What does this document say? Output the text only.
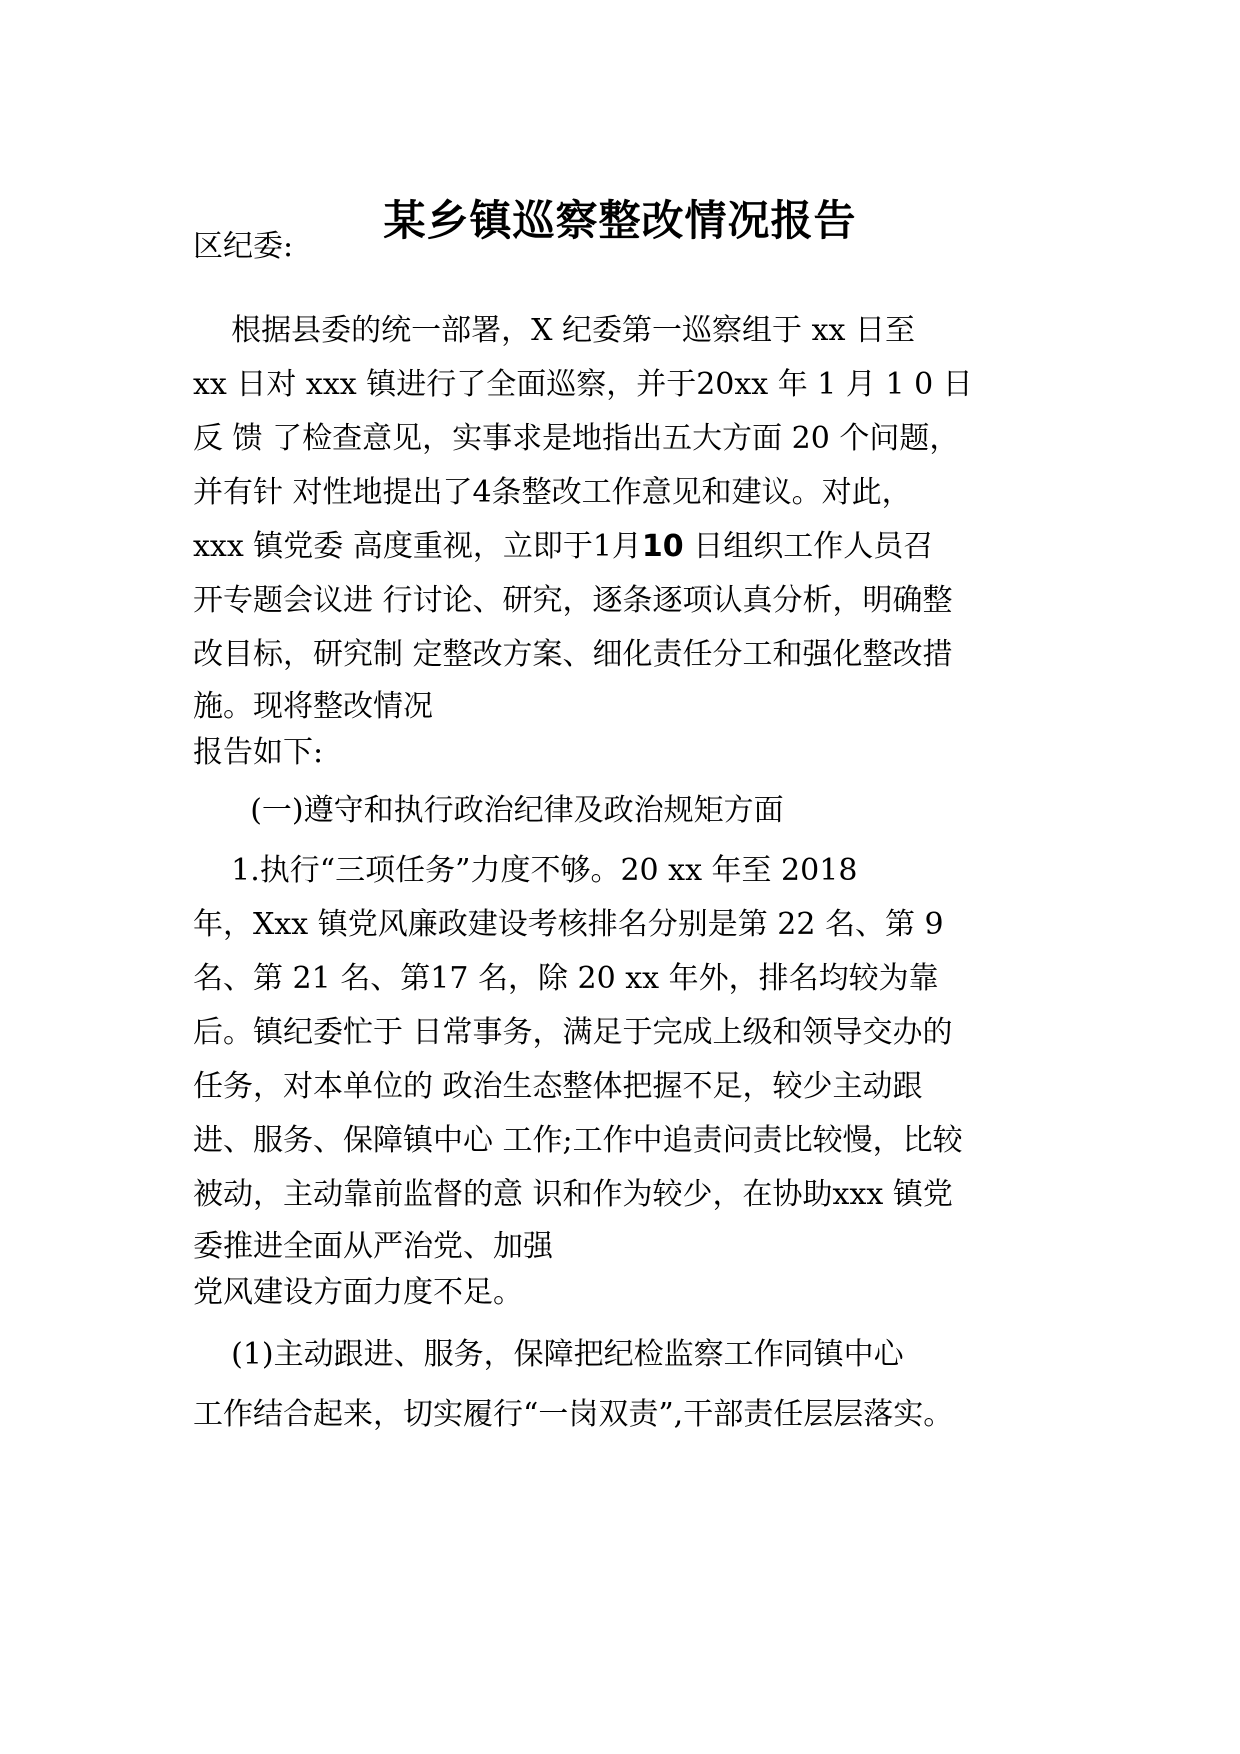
某乡镇巡察整改情况报告
区纪委:
根据县委的统一部署，X 纪委第一巡察组于 xx 日至
xx 日对 xxx 镇进行了全面巡察，并于20xx 年 1 月 1 0 日
反 馈 了检查意见，实事求是地指出五大方面 20 个问题，
并有针 对性地提出了4条整改工作意见和建议。对此，
xxx 镇党委 高度重视，立即于1月10 日组织工作人员召
开专题会议进 行讨论、研究，逐条逐项认真分析，明确整
改目标，研究制 定整改方案、细化责任分工和强化整改措
施。现将整改情况
报告如下:
(一)遵守和执行政治纪律及政治规矩方面
1.执行“三项任务”力度不够。20 xx 年至 2018
年，Xxx 镇党风廉政建设考核排名分别是第 22 名、第 9
名、第 21 名、第17 名，除 20 xx 年外，排名均较为靠
后。镇纪委忙于 日常事务，满足于完成上级和领导交办的
任务，对本单位的 政治生态整体把握不足，较少主动跟
进、服务、保障镇中心 工作;工作中追责问责比较慢，比较
被动，主动靠前监督的意 识和作为较少，在协助xxx 镇党
委推进全面从严治党、加强
党风建设方面力度不足。
(1)主动跟进、服务，保障把纪检监察工作同镇中心
工作结合起来，切实履行“一岗双责”,干部责任层层落实。
